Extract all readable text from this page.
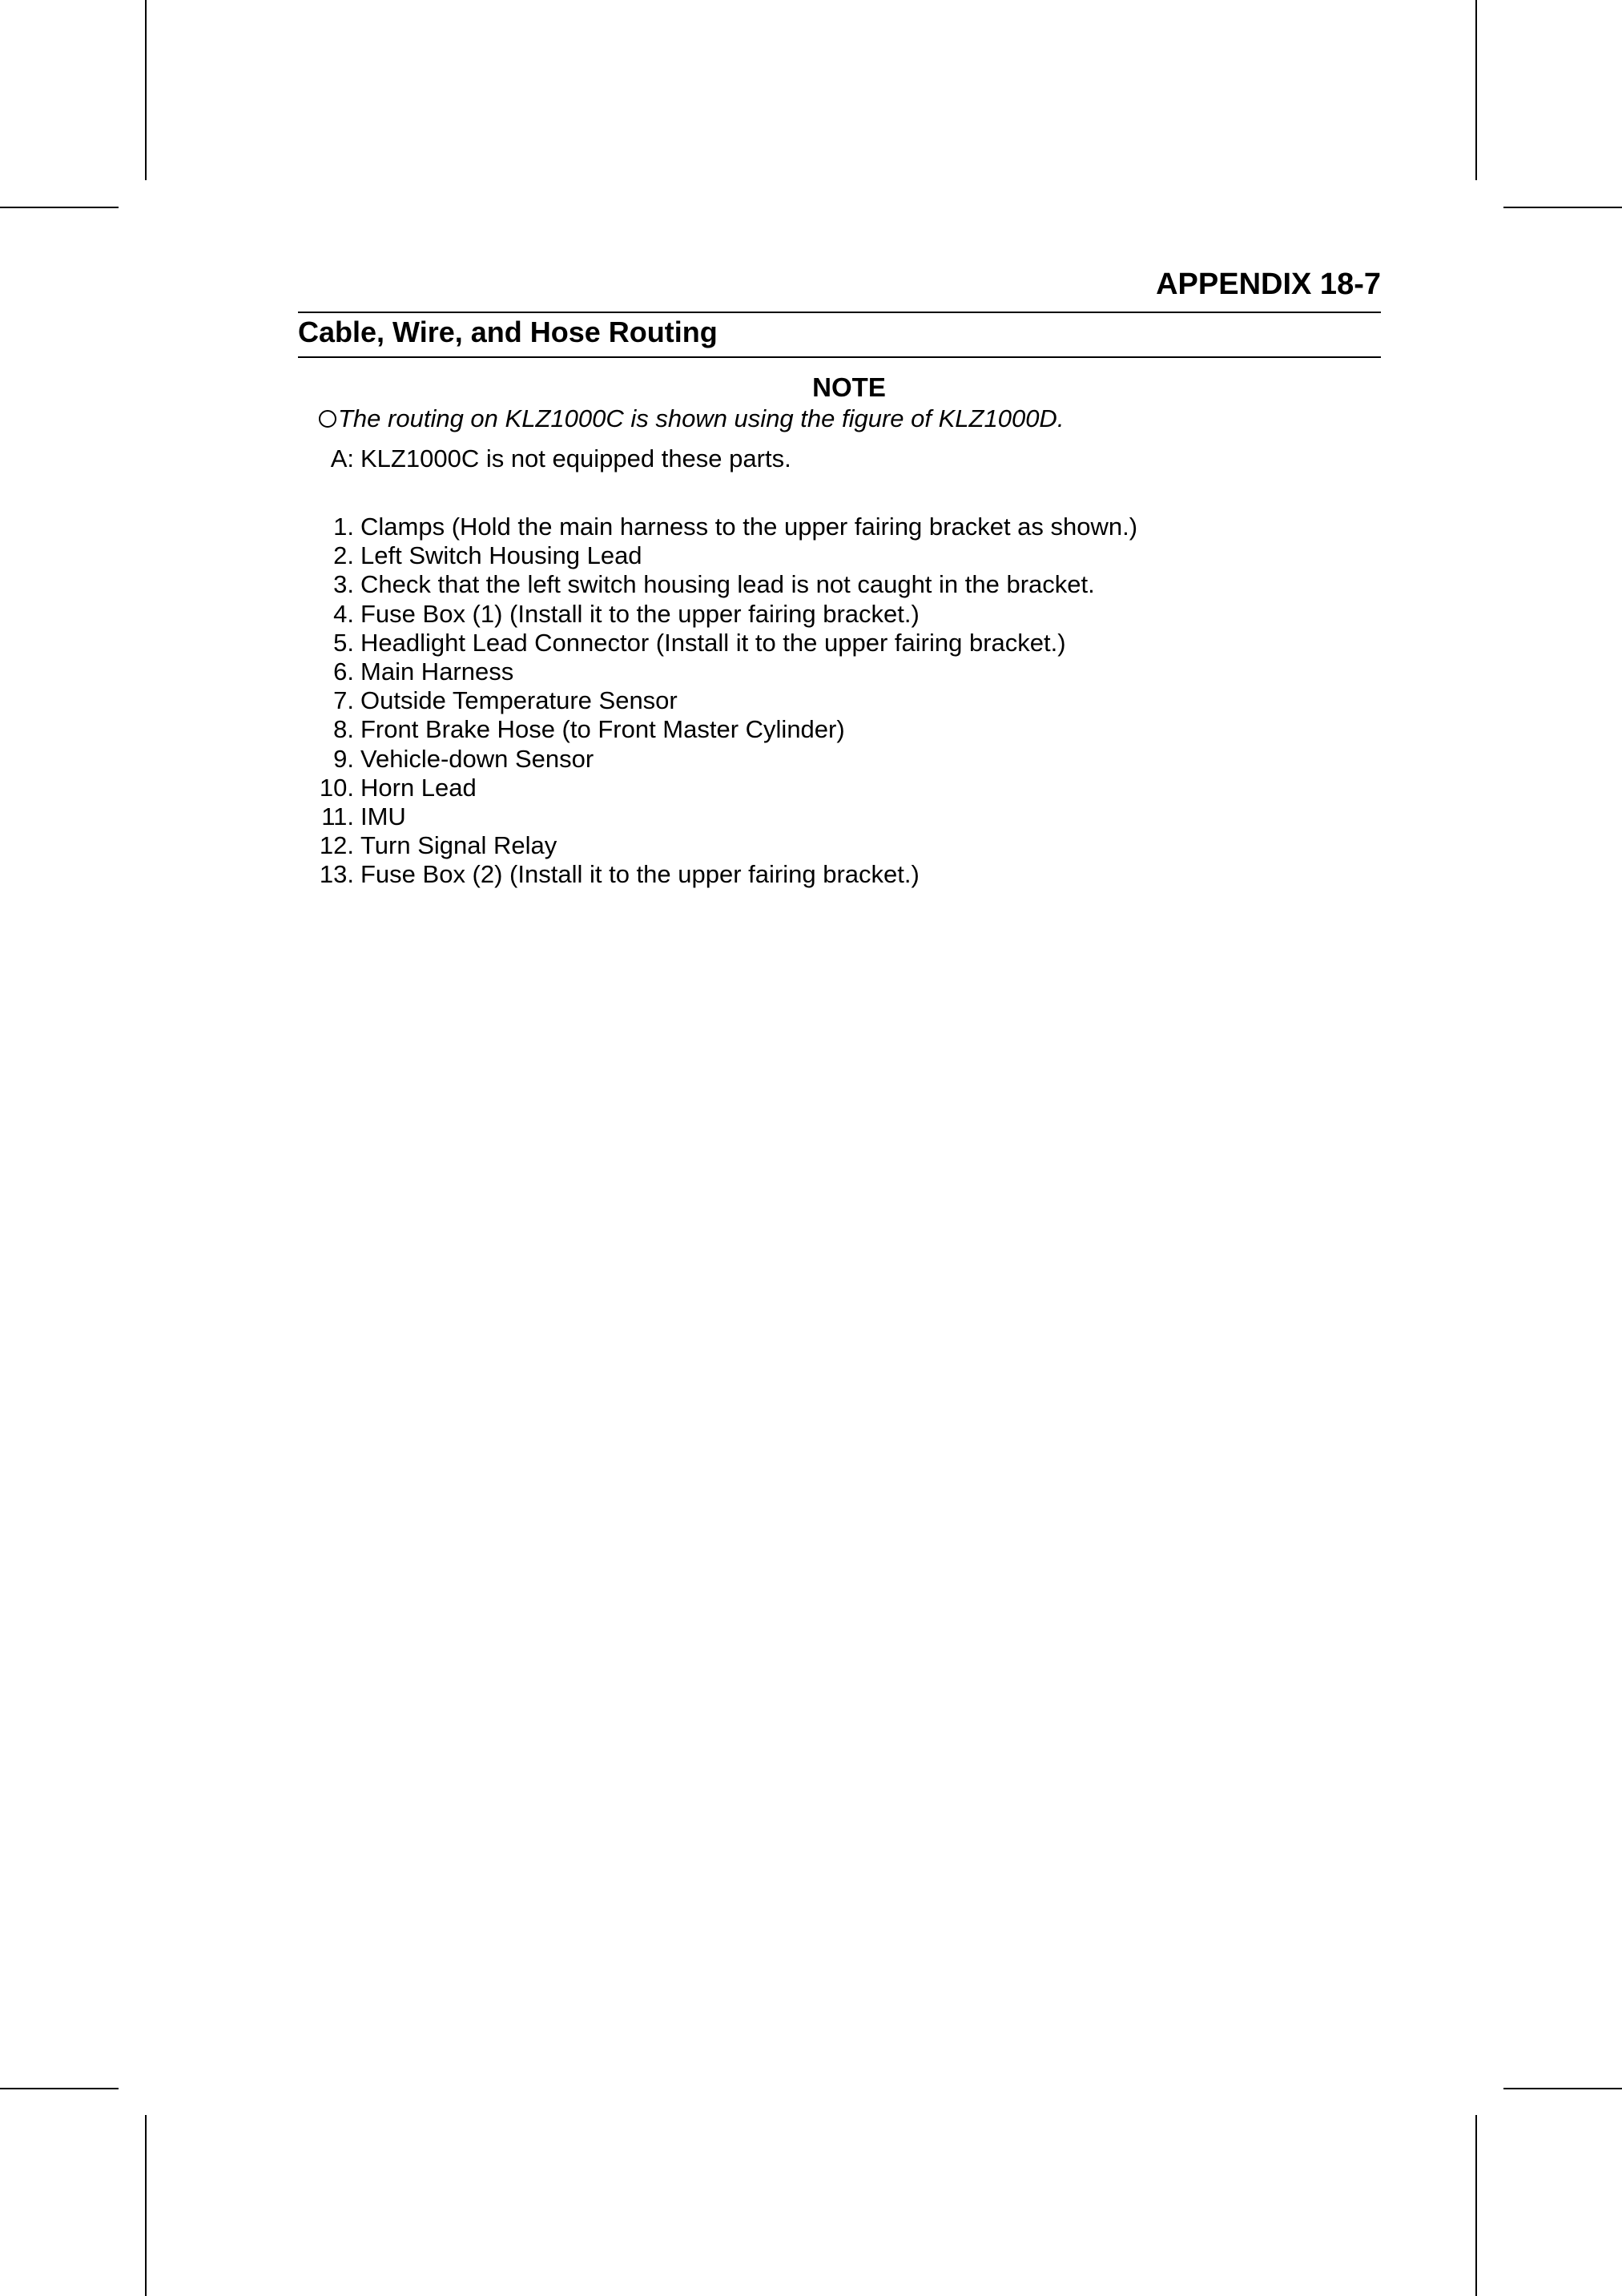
APPENDIX 18-7
Cable, Wire, and Hose Routing
NOTE
The routing on KLZ1000C is shown using the figure of KLZ1000D.
A: KLZ1000C is not equipped these parts.
1. Clamps (Hold the main harness to the upper fairing bracket as shown.)
2. Left Switch Housing Lead
3. Check that the left switch housing lead is not caught in the bracket.
4. Fuse Box (1) (Install it to the upper fairing bracket.)
5. Headlight Lead Connector (Install it to the upper fairing bracket.)
6. Main Harness
7. Outside Temperature Sensor
8. Front Brake Hose (to Front Master Cylinder)
9. Vehicle-down Sensor
10. Horn Lead
11. IMU
12. Turn Signal Relay
13. Fuse Box (2) (Install it to the upper fairing bracket.)
